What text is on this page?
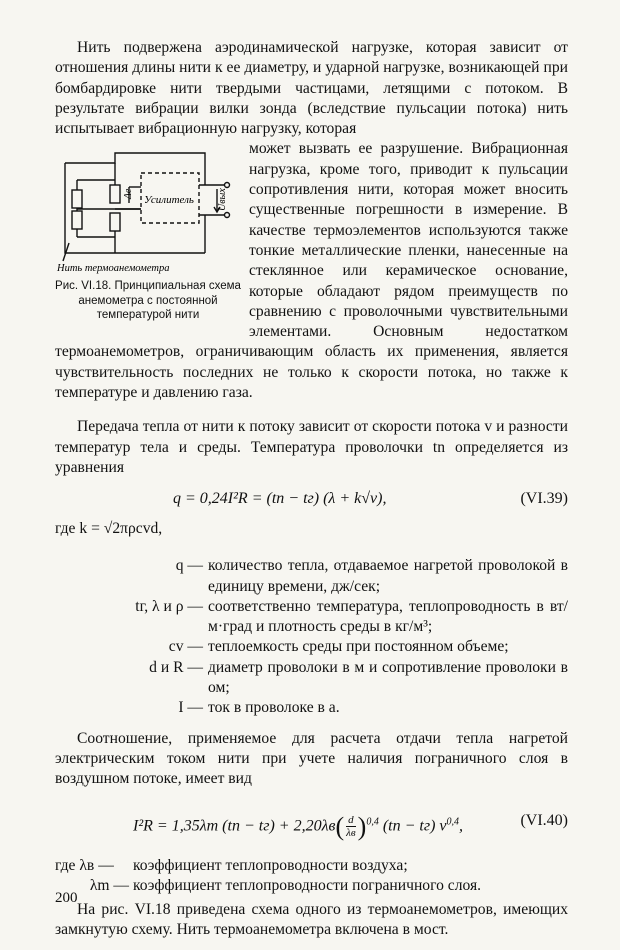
Нить подвержена аэродинамической нагрузке, которая зависит от отношения длины нити к ее диаметру, и ударной нагрузке, возникающей при бомбардировке нити твердыми частицами, летящими с потоком. В результате вибрации вилки зонда (вследствие пульсации потока) нить испытывает вибрационную нагрузку, которая

Усилитель
Δe	Uвых
Нить термоанемометра
Рис. VI.18. Принципиальная схема анемометра с постоянной температурой нити

может вызвать ее разрушение. Вибрационная нагрузка, кроме того, приводит к пульсации сопротивления нити, которая может вносить существенные погрешности в измерение. В качестве термоэлементов используются также тонкие металлические пленки, нанесенные на стеклянное или керамическое основание, которые обладают рядом преимуществ по сравнению с проволочными чувствительными элементами. Основным недостатком термоанемометров, ограничивающим область их применения, является чувствительность последних не только к скорости потока, но также к температуре и давлению газа.

Передача тепла от нити к потоку зависит от скорости потока v и разности температур тела и среды. Температура проволочки tn определяется из уравнения

q = 0,24I²R = (tn − tг) (λ + k√v),	(VI.39)
где k = √2πρcvd,
q — количество тепла, отдаваемое нагретой проволокой в единицу времени, дж/сек;
tг, λ и ρ — соответственно температура, теплопроводность в вт/м·град и плотность среды в кг/м³;
cv — теплоемкость среды при постоянном объеме;
d и R — диаметр проволоки в м и сопротивление проволоки в ом;
I — ток в проволоке в а.

Соотношение, применяемое для расчета отдачи тепла нагретой электрическим током нити при учете наличия пограничного слоя в воздушном потоке, имеет вид

I²R = 1,35λm $(tn - tг) + 2,20\lambda в( \frac{d}{\lambda в})^{0,4}$ (tn − tг) $v^{0,4}$,	(VI.40)
где λв —	коэффициент теплопроводности воздуха;
λm — коэффициент теплопроводности пограничного слоя.

На рис. VI.18 приведена схема одного из термоанемометров, имеющих замкнутую схему. Нить термоанемометра включена в мост.

200
